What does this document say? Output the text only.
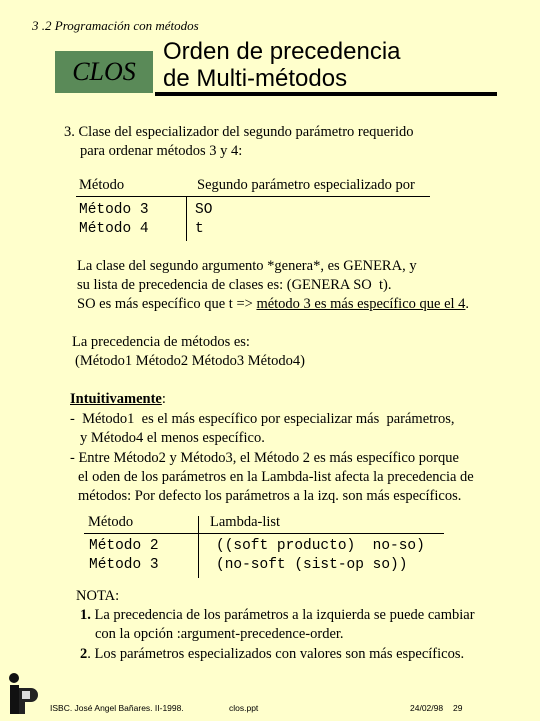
3 .2 Programación con métodos
CLOS
Orden de precedencia
de Multi-métodos
3. Clase del especializador del segundo parámetro requerido
para ordenar métodos 3 y 4:
Método	Segundo parámetro especializado por
Método 3	SO
Método 4	t
La clase del segundo argumento *genera*, es GENERA, y
su lista de precedencia de clases es: (GENERA SO  t).
SO es más específico que t => método 3 es más específico que el 4.
La precedencia de métodos es:
(Método1 Método2 Método3 Método4)
Intuitivamente:
-  Método1  es el más específico por especializar más  parámetros,
y Método4 el menos específico.
- Entre Método2 y Método3, el Método 2 es más específico porque
el oden de los parámetros en la Lambda-list afecta la precedencia de
métodos: Por defecto los parámetros a la izq. son más específicos.
Método	Lambda-list
Método 2	((soft producto)  no-so)
Método 3	(no-soft (sist-op so))
NOTA:
1. La precedencia de los parámetros a la izquierda se puede cambiar
con la opción :argument-precedence-order.
2. Los parámetros especializados con valores son más específicos.
ISBC. José Angel Bañares. II-1998.	clos.ppt	24/02/98 29
